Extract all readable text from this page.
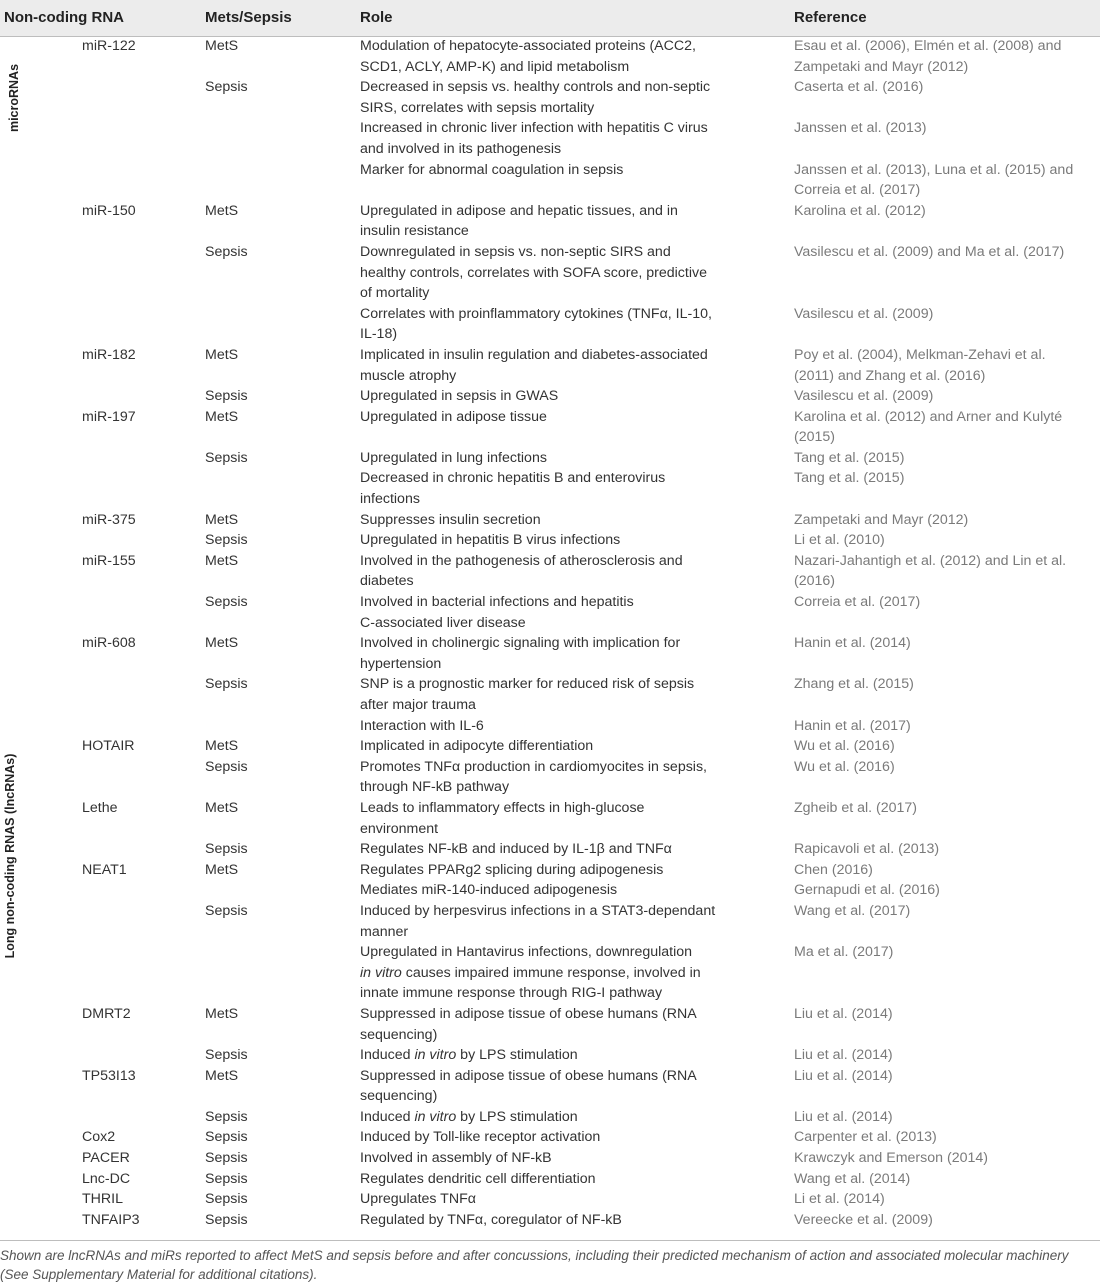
Non-coding RNA	Mets/Sepsis	Role	Reference
microRNAs
Long non-coding RNAS (lncRNAs)
miR-122	MetS	Modulation of hepatocyte-associated proteins (ACC2,	Esau et al. (2006), Elmén et al. (2008) and
SCD1, ACLY, AMP-K) and lipid metabolism	Zampetaki and Mayr (2012)
Sepsis	Decreased in sepsis vs. healthy controls and non-septic	Caserta et al. (2016)
SIRS, correlates with sepsis mortality
Increased in chronic liver infection with hepatitis C virus	Janssen et al. (2013)
and involved in its pathogenesis
Marker for abnormal coagulation in sepsis	Janssen et al. (2013), Luna et al. (2015) and
Correia et al. (2017)
miR-150	MetS	Upregulated in adipose and hepatic tissues, and in	Karolina et al. (2012)
insulin resistance
Sepsis	Downregulated in sepsis vs. non-septic SIRS and	Vasilescu et al. (2009) and Ma et al. (2017)
healthy controls, correlates with SOFA score, predictive
of mortality
Correlates with proinflammatory cytokines (TNFα, IL-10,	Vasilescu et al. (2009)
IL-18)
miR-182	MetS	Implicated in insulin regulation and diabetes-associated	Poy et al. (2004), Melkman-Zehavi et al.
muscle atrophy	(2011) and Zhang et al. (2016)
Sepsis	Upregulated in sepsis in GWAS	Vasilescu et al. (2009)
miR-197	MetS	Upregulated in adipose tissue	Karolina et al. (2012) and Arner and Kulyté
(2015)
Sepsis	Upregulated in lung infections	Tang et al. (2015)
Decreased in chronic hepatitis B and enterovirus	Tang et al. (2015)
infections
miR-375	MetS	Suppresses insulin secretion	Zampetaki and Mayr (2012)
Sepsis	Upregulated in hepatitis B virus infections	Li et al. (2010)
miR-155	MetS	Involved in the pathogenesis of atherosclerosis and	Nazari-Jahantigh et al. (2012) and Lin et al.
diabetes	(2016)
Sepsis	Involved in bacterial infections and hepatitis	Correia et al. (2017)
C-associated liver disease
miR-608	MetS	Involved in cholinergic signaling with implication for	Hanin et al. (2014)
hypertension
Sepsis	SNP is a prognostic marker for reduced risk of sepsis	Zhang et al. (2015)
after major trauma
Interaction with IL-6	Hanin et al. (2017)
HOTAIR	MetS	Implicated in adipocyte differentiation	Wu et al. (2016)
Sepsis	Promotes TNFα production in cardiomyocites in sepsis,	Wu et al. (2016)
through NF-kB pathway
Lethe	MetS	Leads to inflammatory effects in high-glucose	Zgheib et al. (2017)
environment
Sepsis	Regulates NF-kB and induced by IL-1β and TNFα	Rapicavoli et al. (2013)
NEAT1	MetS	Regulates PPARg2 splicing during adipogenesis	Chen (2016)
Mediates miR-140-induced adipogenesis	Gernapudi et al. (2016)
Sepsis	Induced by herpesvirus infections in a STAT3-dependant	Wang et al. (2017)
manner
Upregulated in Hantavirus infections, downregulation	Ma et al. (2017)
in vitro causes impaired immune response, involved in
innate immune response through RIG-I pathway
DMRT2	MetS	Suppressed in adipose tissue of obese humans (RNA	Liu et al. (2014)
sequencing)
Sepsis	Induced in vitro by LPS stimulation	Liu et al. (2014)
TP53I13	MetS	Suppressed in adipose tissue of obese humans (RNA	Liu et al. (2014)
sequencing)
Sepsis	Induced in vitro by LPS stimulation	Liu et al. (2014)
Cox2	Sepsis	Induced by Toll-like receptor activation	Carpenter et al. (2013)
PACER	Sepsis	Involved in assembly of NF-kB	Krawczyk and Emerson (2014)
Lnc-DC	Sepsis	Regulates dendritic cell differentiation	Wang et al. (2014)
THRIL	Sepsis	Upregulates TNFα	Li et al. (2014)
TNFAIP3	Sepsis	Regulated by TNFα, coregulator of NF-kB	Vereecke et al. (2009)
Shown are lncRNAs and miRs reported to affect MetS and sepsis before and after concussions, including their predicted mechanism of action and associated molecular machinery (See Supplementary Material for additional citations).
